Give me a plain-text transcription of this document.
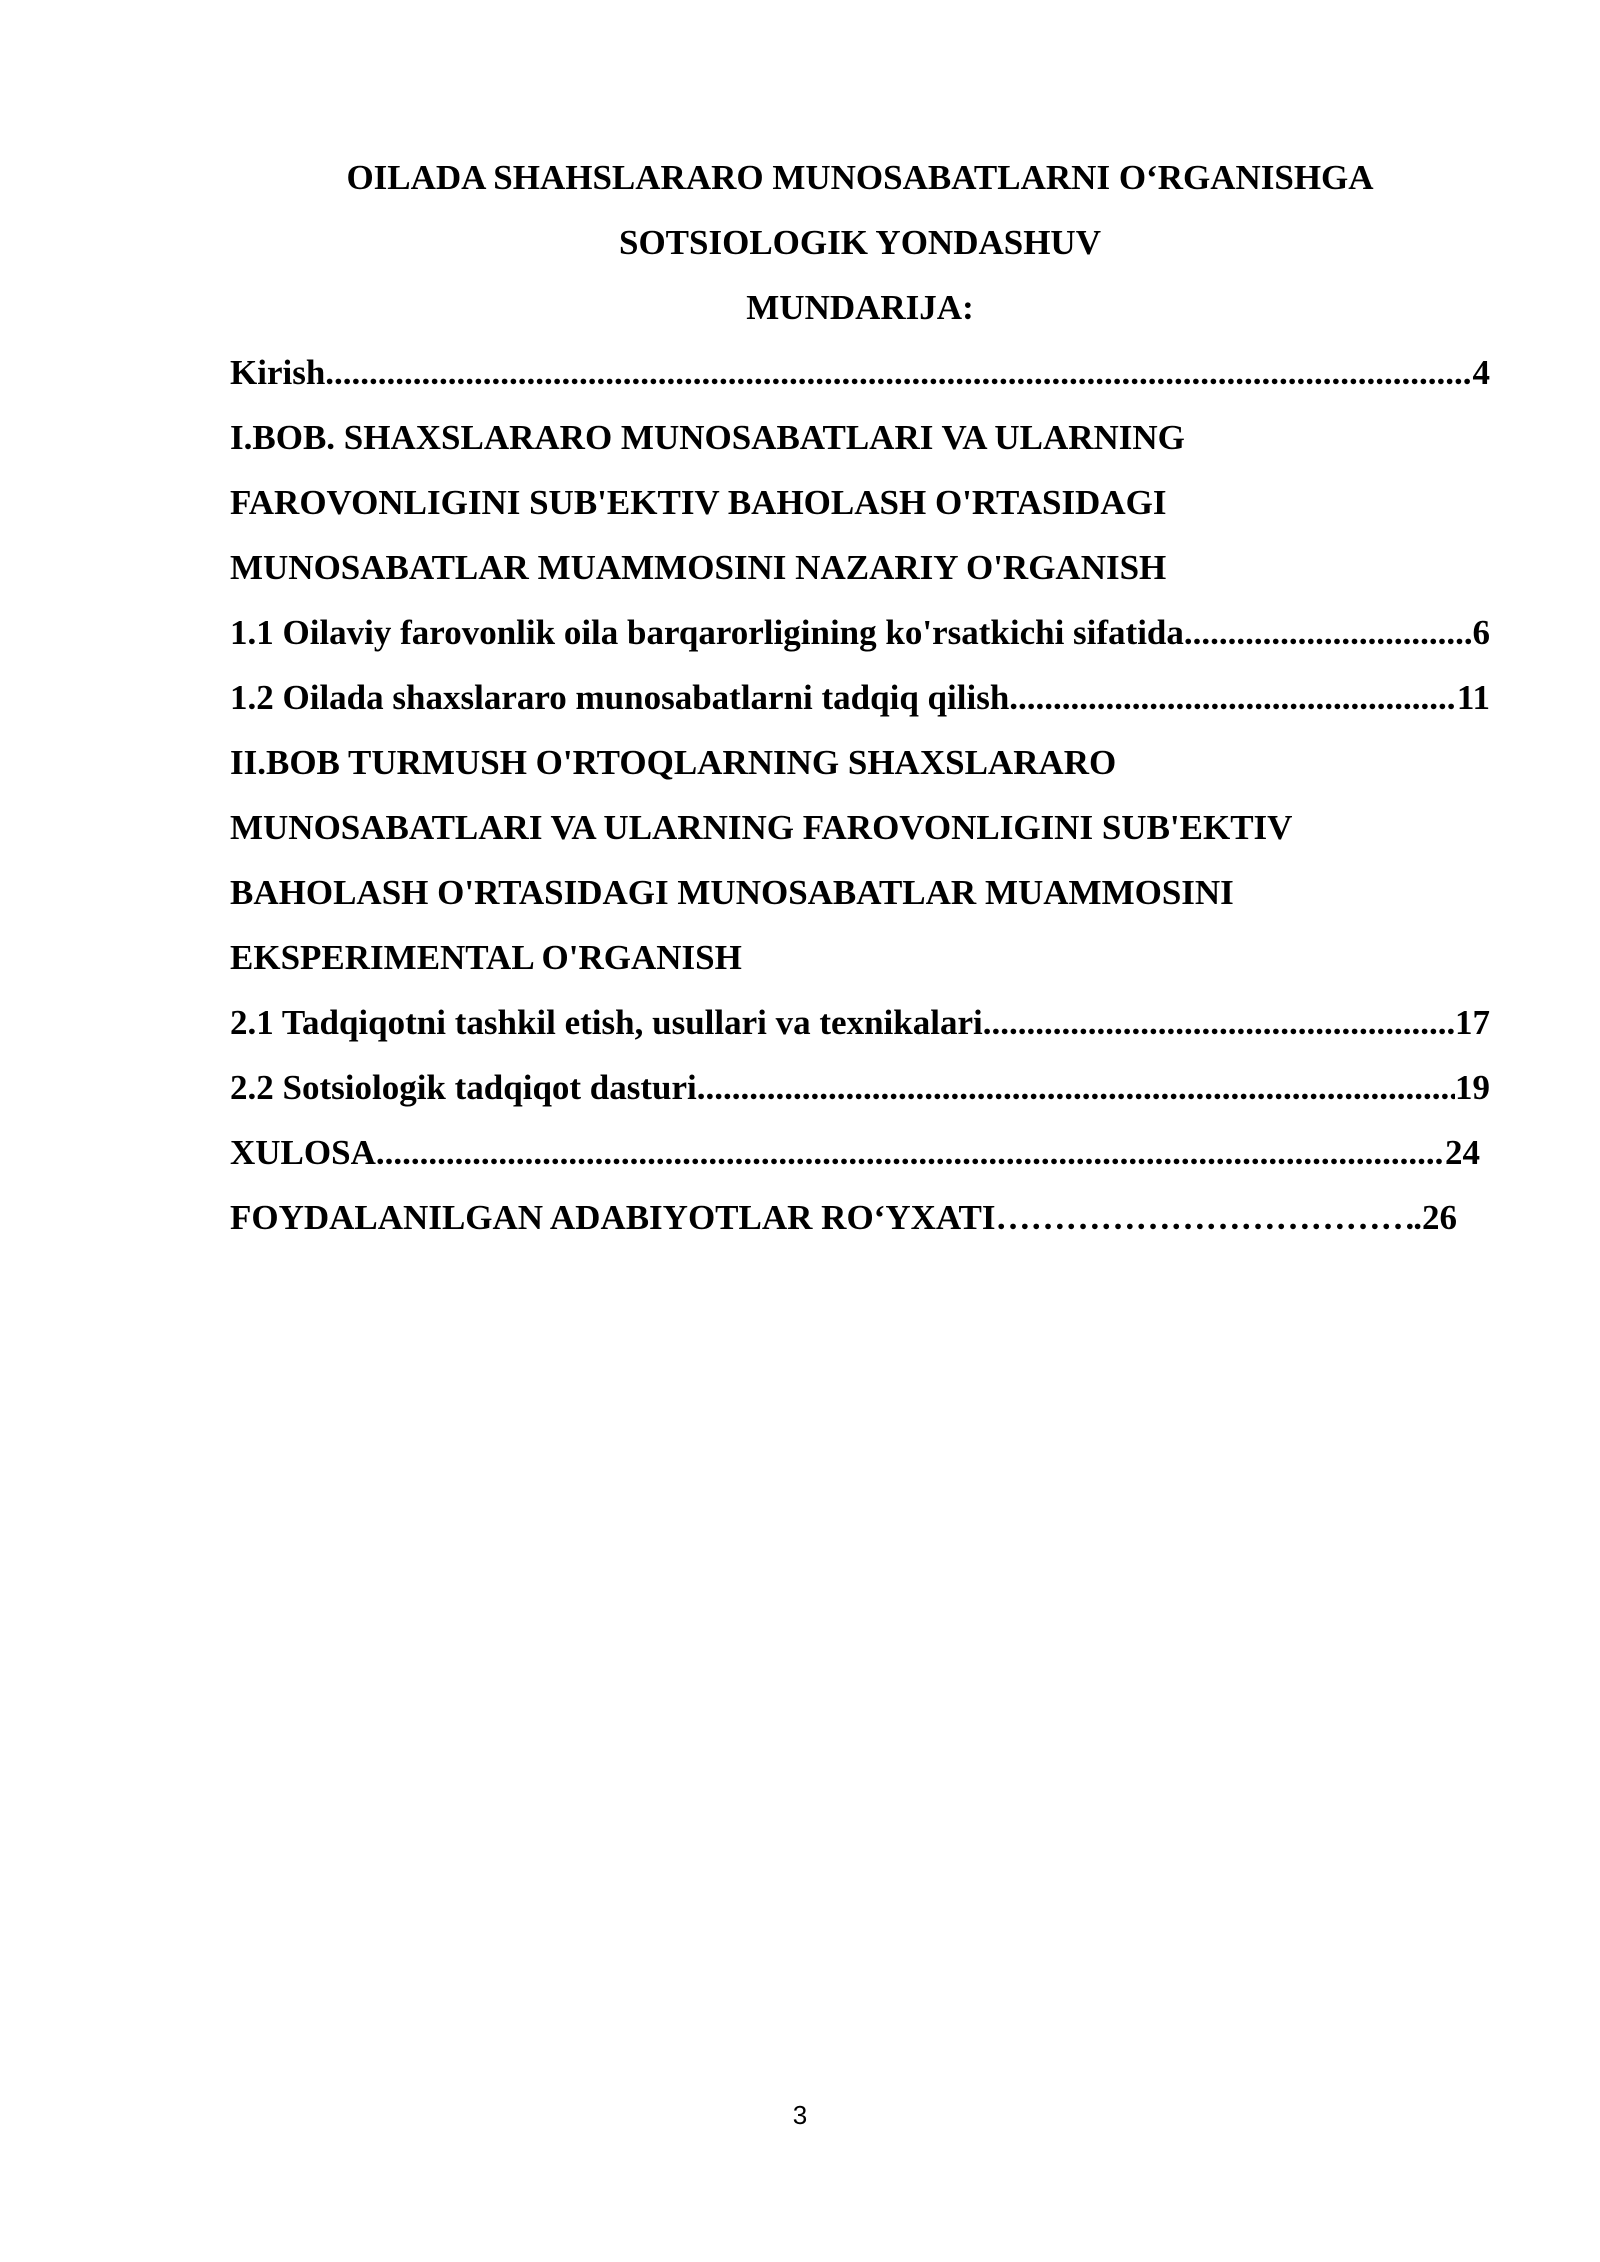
OILADA SHAHSLARARO MUNOSABATLARNI O‘RGANISHGA
SOTSIOLOGIK YONDASHUV
MUNDARIJA:
Kirish .....	4
I.BOB. SHAXSLARARO MUNOSABATLARI VA ULARNING
FAROVONLIGINI SUB'EKTIV BAHOLASH O'RTASIDAGI
MUNOSABATLAR MUAMMOSINI NAZARIY O'RGANISH
1.1 Oilaviy farovonlik oila barqarorligining ko'rsatkichi sifatida .....	6
1.2 Oilada shaxslararo munosabatlarni tadqiq qilish .....	11
II.BOB TURMUSH O'RTOQLARNING SHAXSLARARO
MUNOSABATLARI VA ULARNING FAROVONLIGINI SUB'EKTIV
BAHOLASH O'RTASIDAGI MUNOSABATLAR MUAMMOSINI
EKSPERIMENTAL O'RGANISH
2.1 Tadqiqotni tashkil etish, usullari va texnikalari .....	17
2.2 Sotsiologik tadqiqot dasturi .....	19
XULOSA .....	24
FOYDALANILGAN ADABIYOTLAR RO‘YXATI ……………………………………………………………………………………………………………………………………………………………………………………………………………………………	.26
3
